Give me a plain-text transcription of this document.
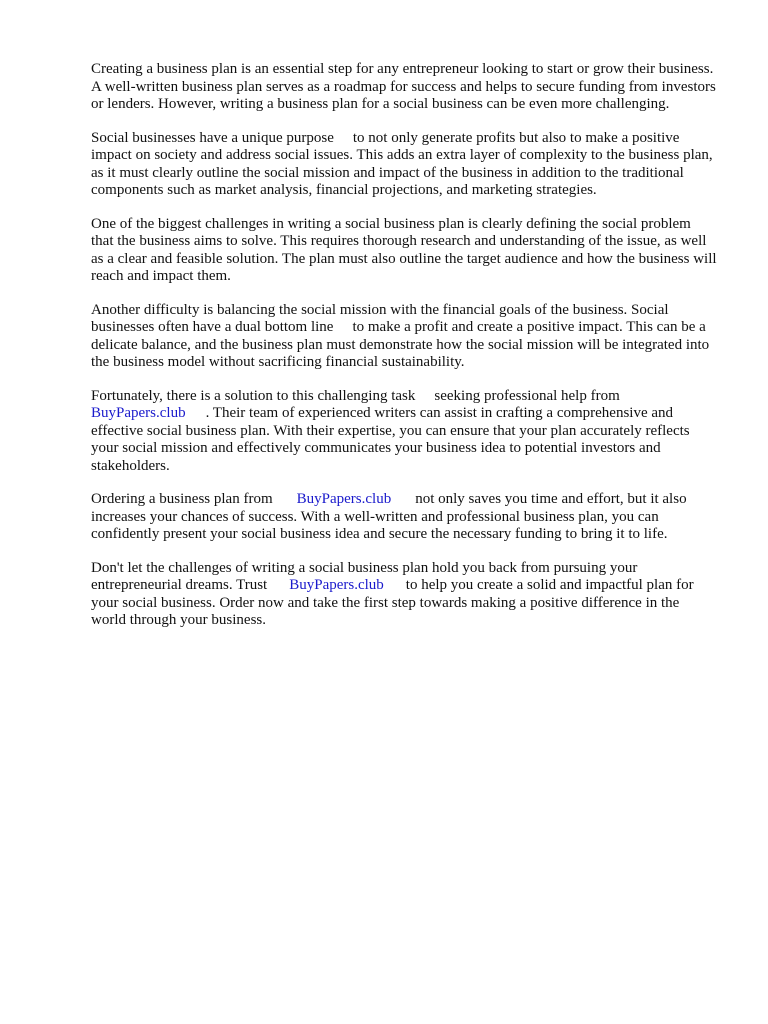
Creating a business plan is an essential step for any entrepreneur looking to start or grow their business. A well-written business plan serves as a roadmap for success and helps to secure funding from investors or lenders. However, writing a business plan for a social business can be even more challenging.

Social businesses have a unique purpose to not only generate profits but also to make a positive impact on society and address social issues. This adds an extra layer of complexity to the business plan, as it must clearly outline the social mission and impact of the business in addition to the traditional components such as market analysis, financial projections, and marketing strategies.

One of the biggest challenges in writing a social business plan is clearly defining the social problem that the business aims to solve. This requires thorough research and understanding of the issue, as well as a clear and feasible solution. The plan must also outline the target audience and how the business will reach and impact them.

Another difficulty is balancing the social mission with the financial goals of the business. Social businesses often have a dual bottom line to make a profit and create a positive impact. This can be a delicate balance, and the business plan must demonstrate how the social mission will be integrated into the business model without sacrificing financial sustainability.

Fortunately, there is a solution to this challenging task seeking professional help from BuyPapers.club . Their team of experienced writers can assist in crafting a comprehensive and effective social business plan. With their expertise, you can ensure that your plan accurately reflects your social mission and effectively communicates your business idea to potential investors and stakeholders.

Ordering a business plan from BuyPapers.club not only saves you time and effort, but it also increases your chances of success. With a well-written and professional business plan, you can confidently present your social business idea and secure the necessary funding to bring it to life.

Don't let the challenges of writing a social business plan hold you back from pursuing your entrepreneurial dreams. Trust BuyPapers.club to help you create a solid and impactful plan for your social business. Order now and take the first step towards making a positive difference in the world through your business.
